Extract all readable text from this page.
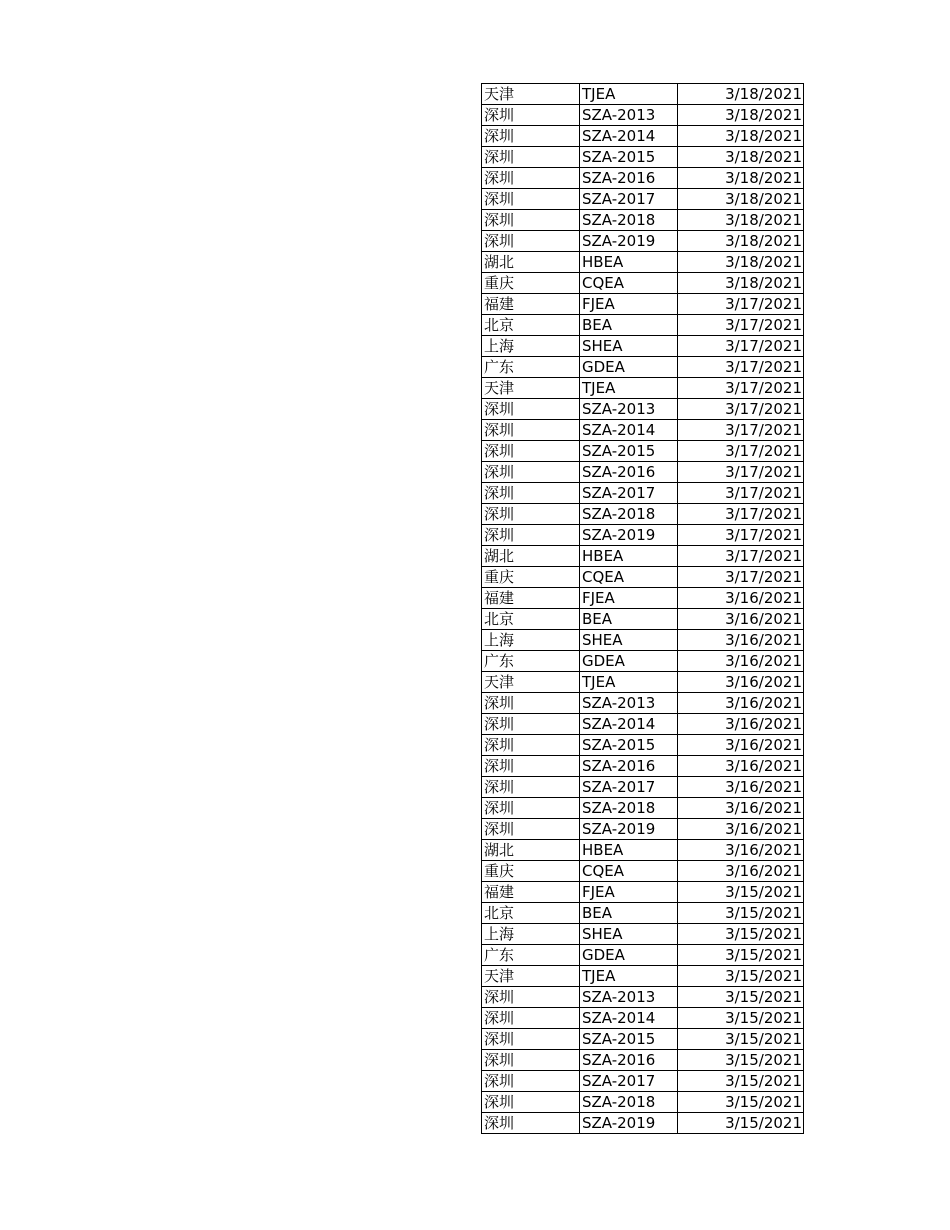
天津	TJEA	3/18/2021
深圳	SZA-2013	3/18/2021
深圳	SZA-2014	3/18/2021
深圳	SZA-2015	3/18/2021
深圳	SZA-2016	3/18/2021
深圳	SZA-2017	3/18/2021
深圳	SZA-2018	3/18/2021
深圳	SZA-2019	3/18/2021
湖北	HBEA	3/18/2021
重庆	CQEA	3/18/2021
福建	FJEA	3/17/2021
北京	BEA	3/17/2021
上海	SHEA	3/17/2021
广东	GDEA	3/17/2021
天津	TJEA	3/17/2021
深圳	SZA-2013	3/17/2021
深圳	SZA-2014	3/17/2021
深圳	SZA-2015	3/17/2021
深圳	SZA-2016	3/17/2021
深圳	SZA-2017	3/17/2021
深圳	SZA-2018	3/17/2021
深圳	SZA-2019	3/17/2021
湖北	HBEA	3/17/2021
重庆	CQEA	3/17/2021
福建	FJEA	3/16/2021
北京	BEA	3/16/2021
上海	SHEA	3/16/2021
广东	GDEA	3/16/2021
天津	TJEA	3/16/2021
深圳	SZA-2013	3/16/2021
深圳	SZA-2014	3/16/2021
深圳	SZA-2015	3/16/2021
深圳	SZA-2016	3/16/2021
深圳	SZA-2017	3/16/2021
深圳	SZA-2018	3/16/2021
深圳	SZA-2019	3/16/2021
湖北	HBEA	3/16/2021
重庆	CQEA	3/16/2021
福建	FJEA	3/15/2021
北京	BEA	3/15/2021
上海	SHEA	3/15/2021
广东	GDEA	3/15/2021
天津	TJEA	3/15/2021
深圳	SZA-2013	3/15/2021
深圳	SZA-2014	3/15/2021
深圳	SZA-2015	3/15/2021
深圳	SZA-2016	3/15/2021
深圳	SZA-2017	3/15/2021
深圳	SZA-2018	3/15/2021
深圳	SZA-2019	3/15/2021
